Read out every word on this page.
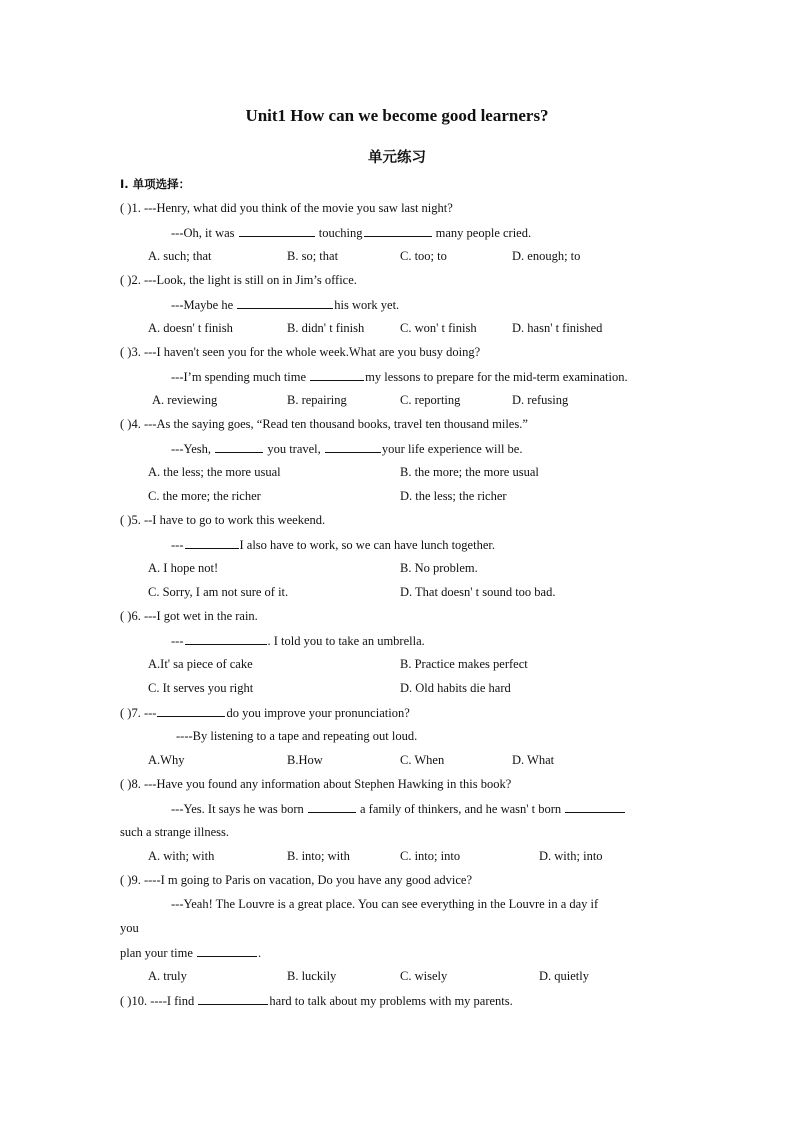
Unit1 How can we become good learners?
单元练习
I. 单项选择：
( )1. ---Henry, what did you think of the movie you saw last night?
---Oh, it was	touching	many people cried.
A. such; that	B. so; that	C. too; to	D. enough; to
( )2. ---Look, the light is still on in Jim’s office.
---Maybe he	his work yet.
A. doesn' t finish	B. didn' t finish	C. won' t finish	D. hasn' t finished
( )3. ---I haven't seen you for the whole week.What are you busy doing?
---I’m spending much time	my lessons to prepare for the mid-term examination.
A. reviewing	B. repairing	C. reporting	D. refusing
( )4. ---As the saying goes, “Read ten thousand books, travel ten thousand miles.”
---Yesh,	you travel,	your life experience will be.
A. the less; the more usual	B. the more; the more usual
C. the more; the richer	D. the less; the richer
( )5. --I have to go to work this weekend.
---	I also have to work, so we can have lunch together.
A. I hope not!	B. No problem.
C. Sorry, I am not sure of it.	D. That doesn' t sound too bad.
( )6. ---I got wet in the rain.
---	. I told you to take an umbrella.
A.It' sa piece of cake	B. Practice makes perfect
C. It serves you right	D. Old habits die hard
( )7. ---	do you improve your pronunciation?
----By listening to a tape and repeating out loud.
A.Why	B.How	C. When	D. What
( )8. ---Have you found any information about Stephen Hawking in this book?
---Yes. It says he was born	a family of thinkers, and he wasn' t born
such a strange illness.
A. with; with	B. into; with	C. into; into	D. with; into
( )9. ----I m going to Paris on vacation, Do you have any good advice?
---Yeah! The Louvre is a great place. You can see everything in the Louvre in a day if
you
plan your time	.
A. truly	B. luckily	C. wisely	D. quietly
( )10. ----I find	hard to talk about my problems with my parents.
